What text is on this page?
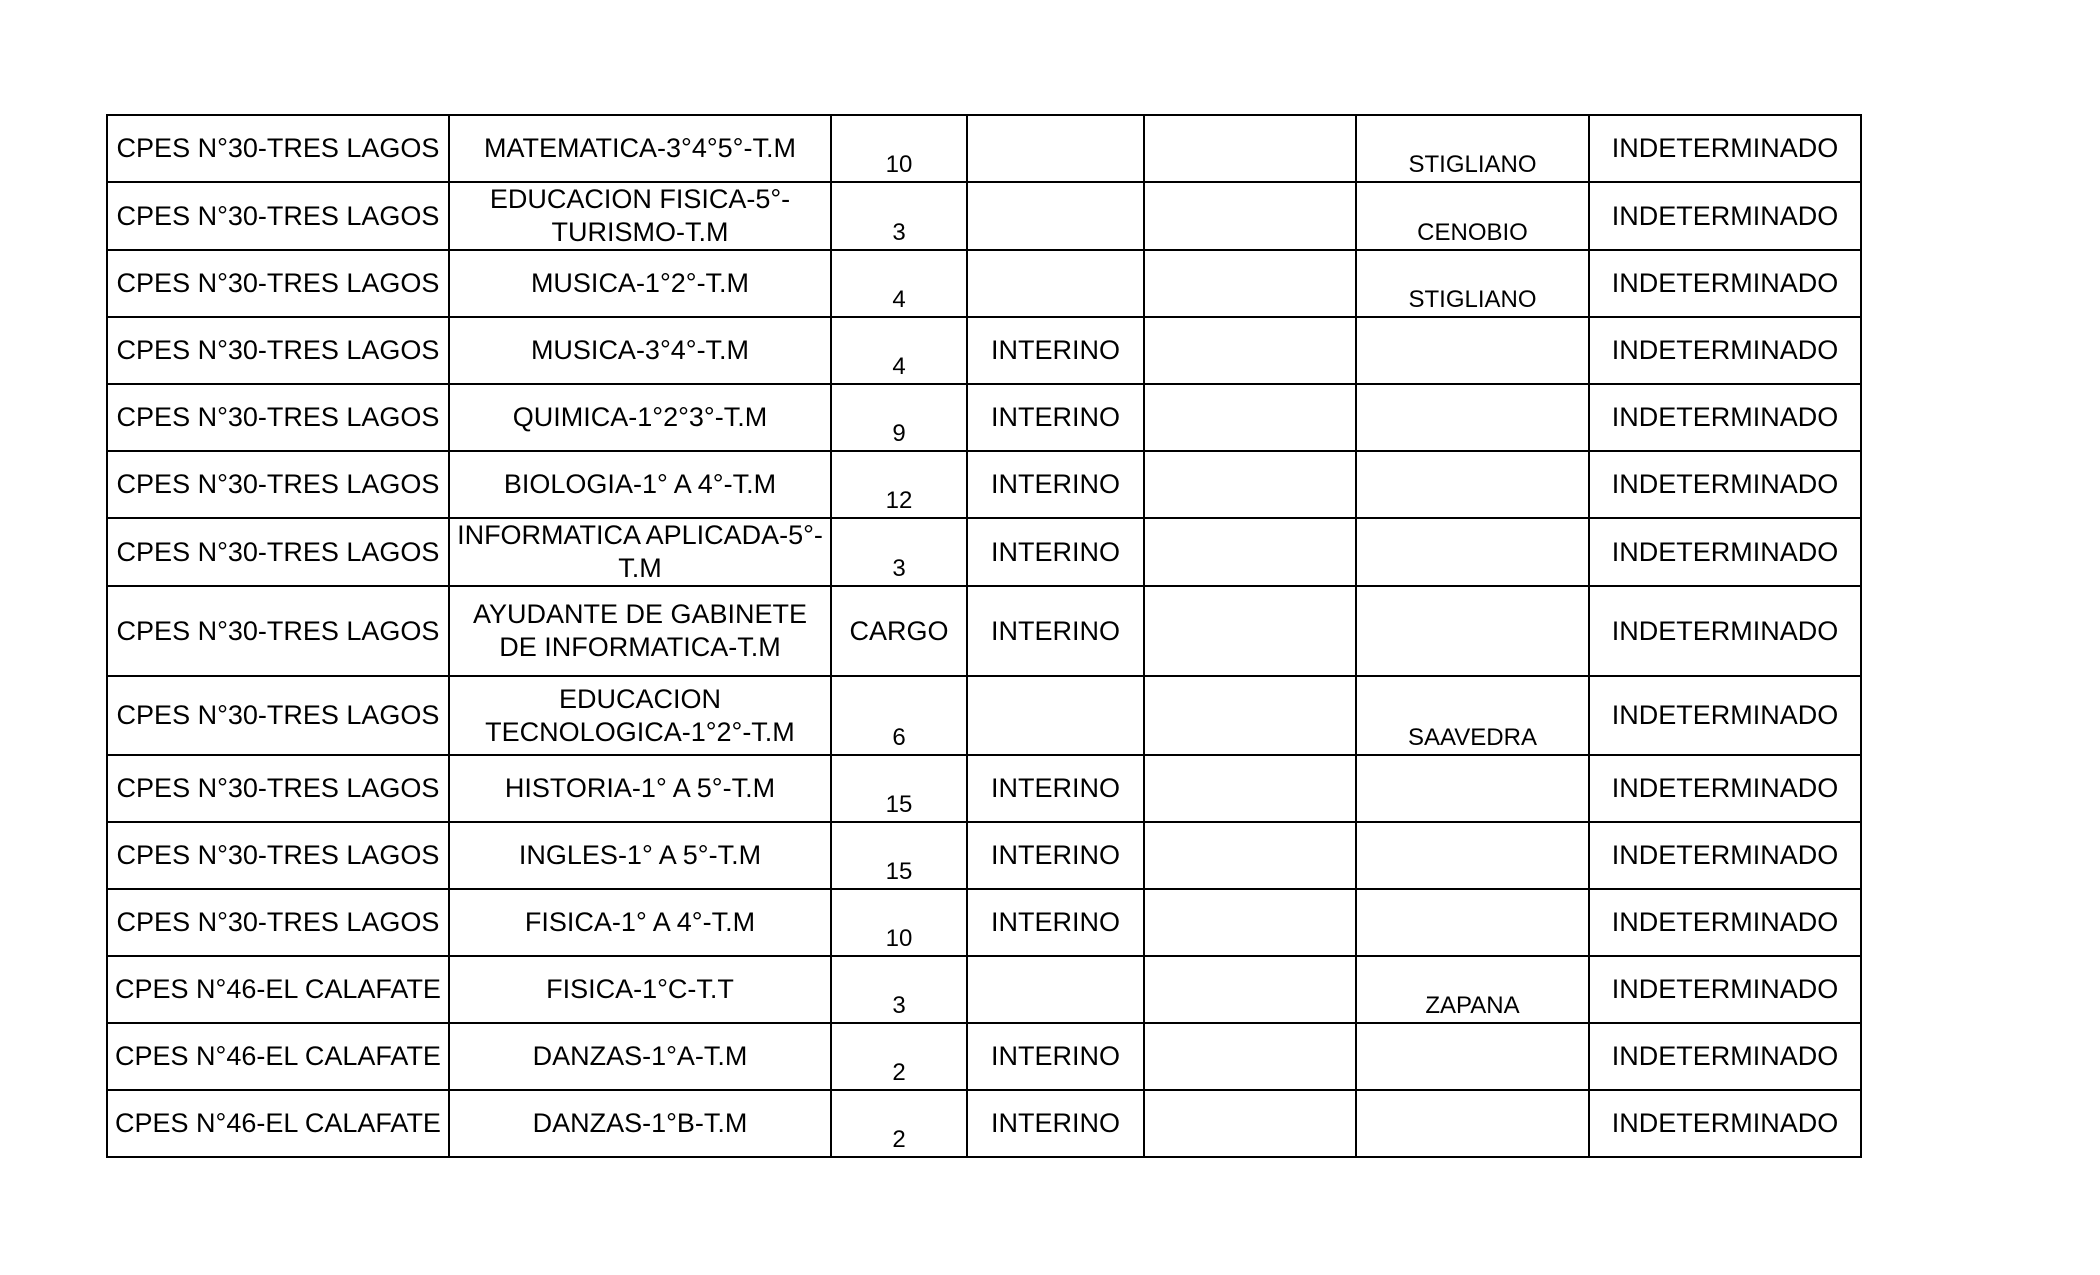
CPES N°30-TRES LAGOS	MATEMATICA-3°4°5°-T.M	10			STIGLIANO	INDETERMINADO
CPES N°30-TRES LAGOS	EDUCACION FISICA-5°-TURISMO-T.M	3			CENOBIO	INDETERMINADO
CPES N°30-TRES LAGOS	MUSICA-1°2°-T.M	4			STIGLIANO	INDETERMINADO
CPES N°30-TRES LAGOS	MUSICA-3°4°-T.M	4	INTERINO			INDETERMINADO
CPES N°30-TRES LAGOS	QUIMICA-1°2°3°-T.M	9	INTERINO			INDETERMINADO
CPES N°30-TRES LAGOS	BIOLOGIA-1° A 4°-T.M	12	INTERINO			INDETERMINADO
CPES N°30-TRES LAGOS	INFORMATICA APLICADA-5°-T.M	3	INTERINO			INDETERMINADO
CPES N°30-TRES LAGOS	AYUDANTE DE GABINETE DE INFORMATICA-T.M	CARGO	INTERINO			INDETERMINADO
CPES N°30-TRES LAGOS	EDUCACION TECNOLOGICA-1°2°-T.M	6			SAAVEDRA	INDETERMINADO
CPES N°30-TRES LAGOS	HISTORIA-1° A 5°-T.M	15	INTERINO			INDETERMINADO
CPES N°30-TRES LAGOS	INGLES-1° A 5°-T.M	15	INTERINO			INDETERMINADO
CPES N°30-TRES LAGOS	FISICA-1° A 4°-T.M	10	INTERINO			INDETERMINADO
CPES N°46-EL CALAFATE	FISICA-1°C-T.T	3			ZAPANA	INDETERMINADO
CPES N°46-EL CALAFATE	DANZAS-1°A-T.M	2	INTERINO			INDETERMINADO
CPES N°46-EL CALAFATE	DANZAS-1°B-T.M	2	INTERINO			INDETERMINADO
